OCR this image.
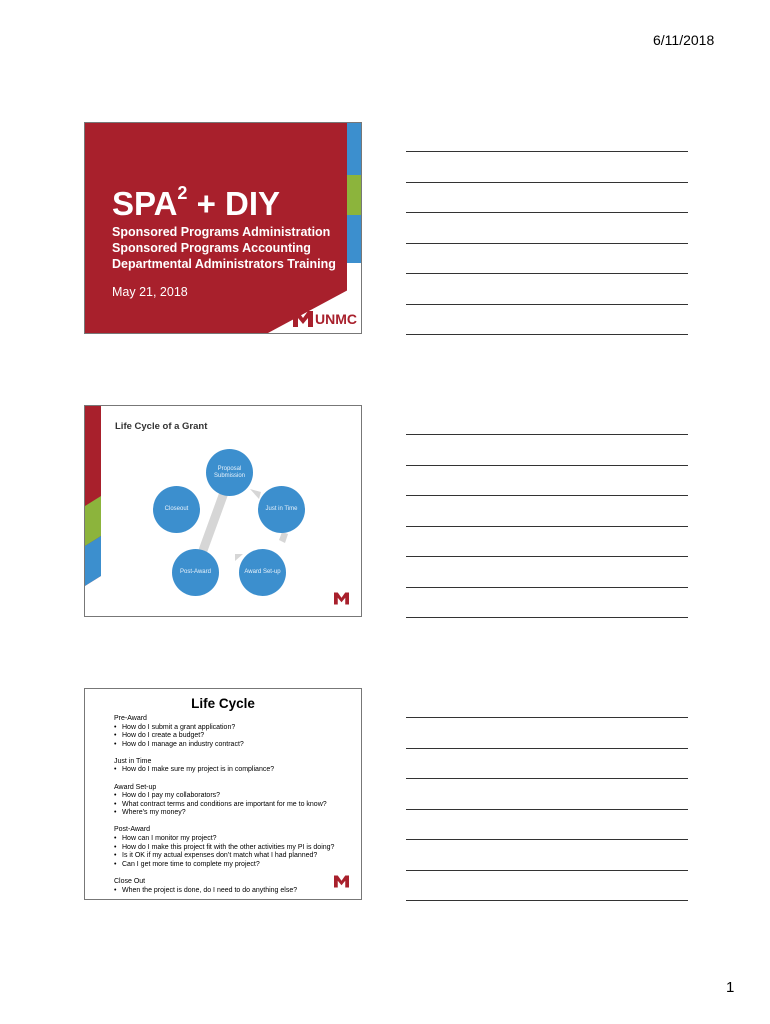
6/11/2018
$SPA^2$ + DIY
Sponsored Programs Administration
Sponsored Programs Accounting
Departmental Administrators Training
May 21, 2018
UNMC
Life Cycle of a Grant
Proposal Submission
Just in Time
Closeout
Post-Award	Award Set-up
Life Cycle
Pre-Award
• How do I submit a grant application?
• How do I create a budget?
• How do I manage an industry contract?
Just in Time
• How do I make sure my project is in compliance?
Award Set-up
• How do I pay my collaborators?
• What contract terms and conditions are important for me to know?
• Where’s my money?
Post-Award
• How can I monitor my project?
• How do I make this project fit with the other activities my PI is doing?
• Is it OK if my actual expenses don’t match what I had planned?
• Can I get more time to complete my project?
Close Out
• When the project is done, do I need to do anything else?
1
